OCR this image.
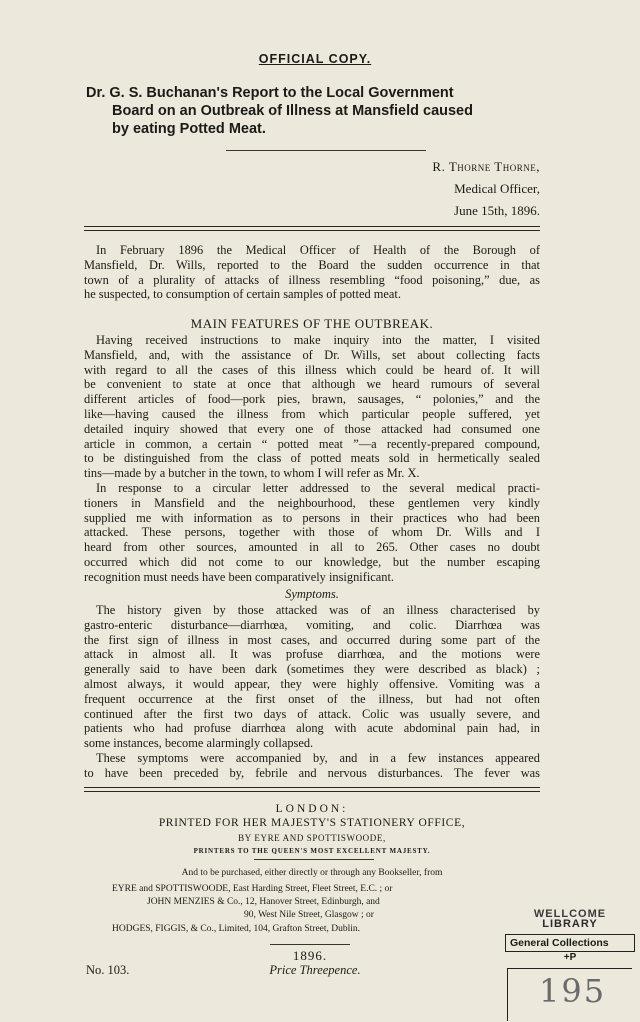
OFFICIAL COPY.
Dr. G. S. Buchanan's Report to the Local Government
Board on an Outbreak of Illness at Mansfield caused
by eating Potted Meat.
R. Thorne Thorne,
Medical Officer,
June 15th, 1896.
In February 1896 the Medical Officer of Health of the Borough of
Mansfield, Dr. Wills, reported to the Board the sudden occurrence in that
town of a plurality of attacks of illness resembling “food poisoning,” due, as
he suspected, to consumption of certain samples of potted meat.
MAIN FEATURES OF THE OUTBREAK.
Having received instructions to make inquiry into the matter, I visited
Mansfield, and, with the assistance of Dr. Wills, set about collecting facts
with regard to all the cases of this illness which could be heard of. It will
be convenient to state at once that although we heard rumours of several
different articles of food—pork pies, brawn, sausages, “ polonies,” and the
like—having caused the illness from which particular people suffered, yet
detailed inquiry showed that every one of those attacked had consumed one
article in common, a certain “ potted meat ”—a recently-prepared compound,
to be distinguished from the class of potted meats sold in hermetically sealed
tins—made by a butcher in the town, to whom I will refer as Mr. X.
In response to a circular letter addressed to the several medical practi-
tioners in Mansfield and the neighbourhood, these gentlemen very kindly
supplied me with information as to persons in their practices who had been
attacked. These persons, together with those of whom Dr. Wills and I
heard from other sources, amounted in all to 265. Other cases no doubt
occurred which did not come to our knowledge, but the number escaping
recognition must needs have been comparatively insignificant.
Symptoms.
The history given by those attacked was of an illness characterised by
gastro-enteric disturbance—diarrhœa, vomiting, and colic. Diarrhœa was
the first sign of illness in most cases, and occurred during some part of the
attack in almost all. It was profuse diarrhœa, and the motions were
generally said to have been dark (sometimes they were described as black) ;
almost always, it would appear, they were highly offensive. Vomiting was a
frequent occurrence at the first onset of the illness, but had not often
continued after the first two days of attack. Colic was usually severe, and
patients who had profuse diarrhœa along with acute abdominal pain had, in
some instances, become alarmingly collapsed.
These symptoms were accompanied by, and in a few instances appeared
to have been preceded by, febrile and nervous disturbances. The fever was
LONDON:
PRINTED FOR HER MAJESTY'S STATIONERY OFFICE,
BY EYRE AND SPOTTISWOODE,
PRINTERS TO THE QUEEN'S MOST EXCELLENT MAJESTY.
And to be purchased, either directly or through any Bookseller, from
EYRE and SPOTTISWOODE, East Harding Street, Fleet Street, E.C. ; or
JOHN MENZIES & Co., 12, Hanover Street, Edinburgh, and
90, West Nile Street, Glasgow ; or
HODGES, FIGGIS, & Co., Limited, 104, Grafton Street, Dublin.
1896.
No. 103.	Price Threepence.
WELLCOME
LIBRARY
General Collections
+P
195
